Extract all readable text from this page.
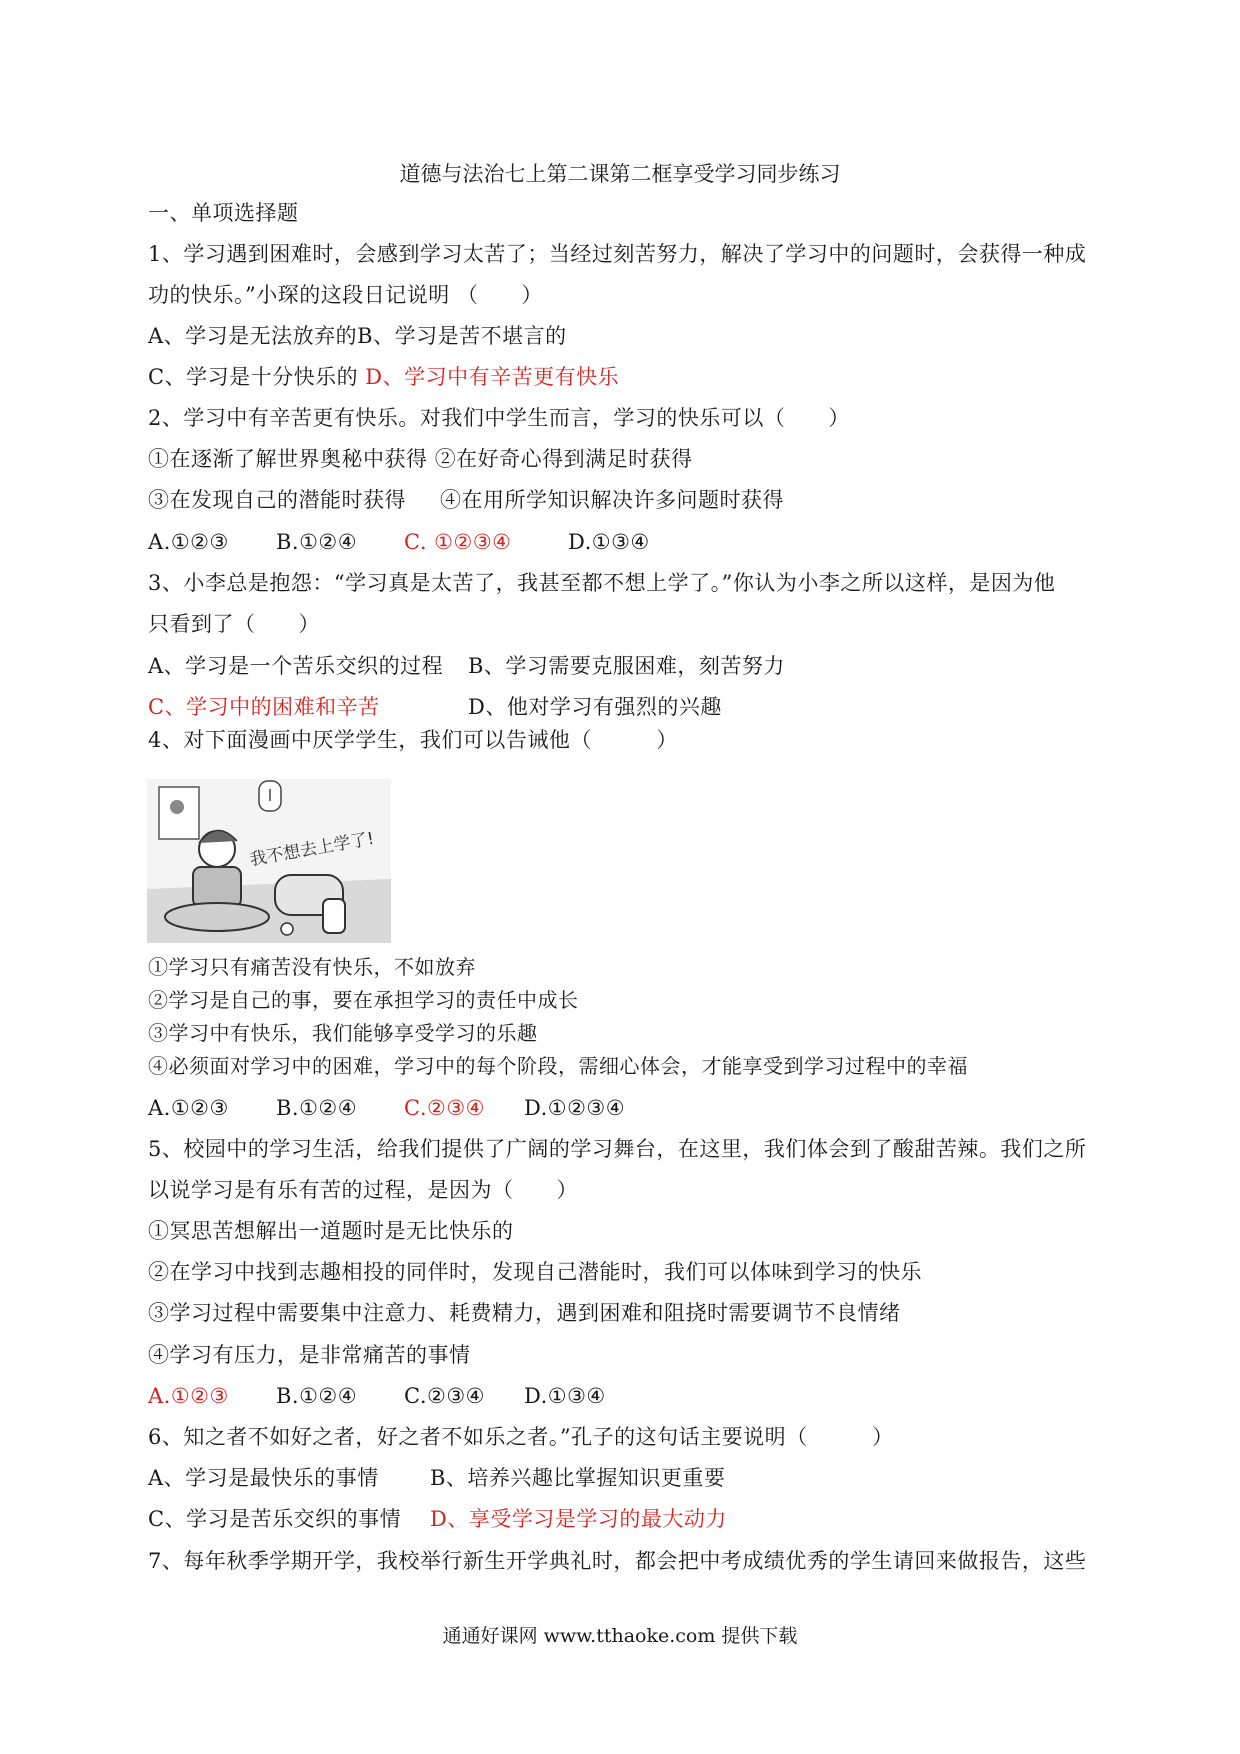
道德与法治七上第二课第二框享受学习同步练习
一、单项选择题
1、学习遇到困难时，会感到学习太苦了；当经过刻苦努力，解决了学习中的问题时，会获得一种成
功的快乐。”小琛的这段日记说明 （　　）
A、学习是无法放弃的B、学习是苦不堪言的
C、学习是十分快乐的 D、学习中有辛苦更有快乐
2、学习中有辛苦更有快乐。对我们中学生而言，学习的快乐可以（　　）
①在逐渐了解世界奥秘中获得 ②在好奇心得到满足时获得
③在发现自己的潜能时获得 ④在用所学知识解决许多问题时获得
A.①②③ B.①②④ C. ①②③④	D.①③④
3、小李总是抱怨：“学习真是太苦了，我甚至都不想上学了。”你认为小李之所以这样，是因为他
只看到了（　　）
A、学习是一个苦乐交织的过程 B、学习需要克服困难，刻苦努力
C、学习中的困难和辛苦	D、他对学习有强烈的兴趣
4、对下面漫画中厌学学生，我们可以告诫他（　　　）
我不想去上学了!
①学习只有痛苦没有快乐，不如放弃
②学习是自己的事，要在承担学习的责任中成长
③学习中有快乐，我们能够享受学习的乐趣
④必须面对学习中的困难，学习中的每个阶段，需细心体会，才能享受到学习过程中的幸福
A.①②③ B.①②④ C.②③④ D.①②③④
5、校园中的学习生活，给我们提供了广阔的学习舞台，在这里，我们体会到了酸甜苦辣。我们之所
以说学习是有乐有苦的过程，是因为（　　）
①冥思苦想解出一道题时是无比快乐的
②在学习中找到志趣相投的同伴时，发现自己潜能时，我们可以体味到学习的快乐
③学习过程中需要集中注意力、耗费精力，遇到困难和阻挠时需要调节不良情绪
④学习有压力，是非常痛苦的事情
A.①②③ B.①②④ C.②③④ D.①③④
6、知之者不如好之者，好之者不如乐之者。”孔子的这句话主要说明（　　　）
A、学习是最快乐的事情 B、培养兴趣比掌握知识更重要
C、学习是苦乐交织的事情 D、享受学习是学习的最大动力
7、每年秋季学期开学，我校举行新生开学典礼时，都会把中考成绩优秀的学生请回来做报告，这些
通通好课网 www.tthaoke.com 提供下载
